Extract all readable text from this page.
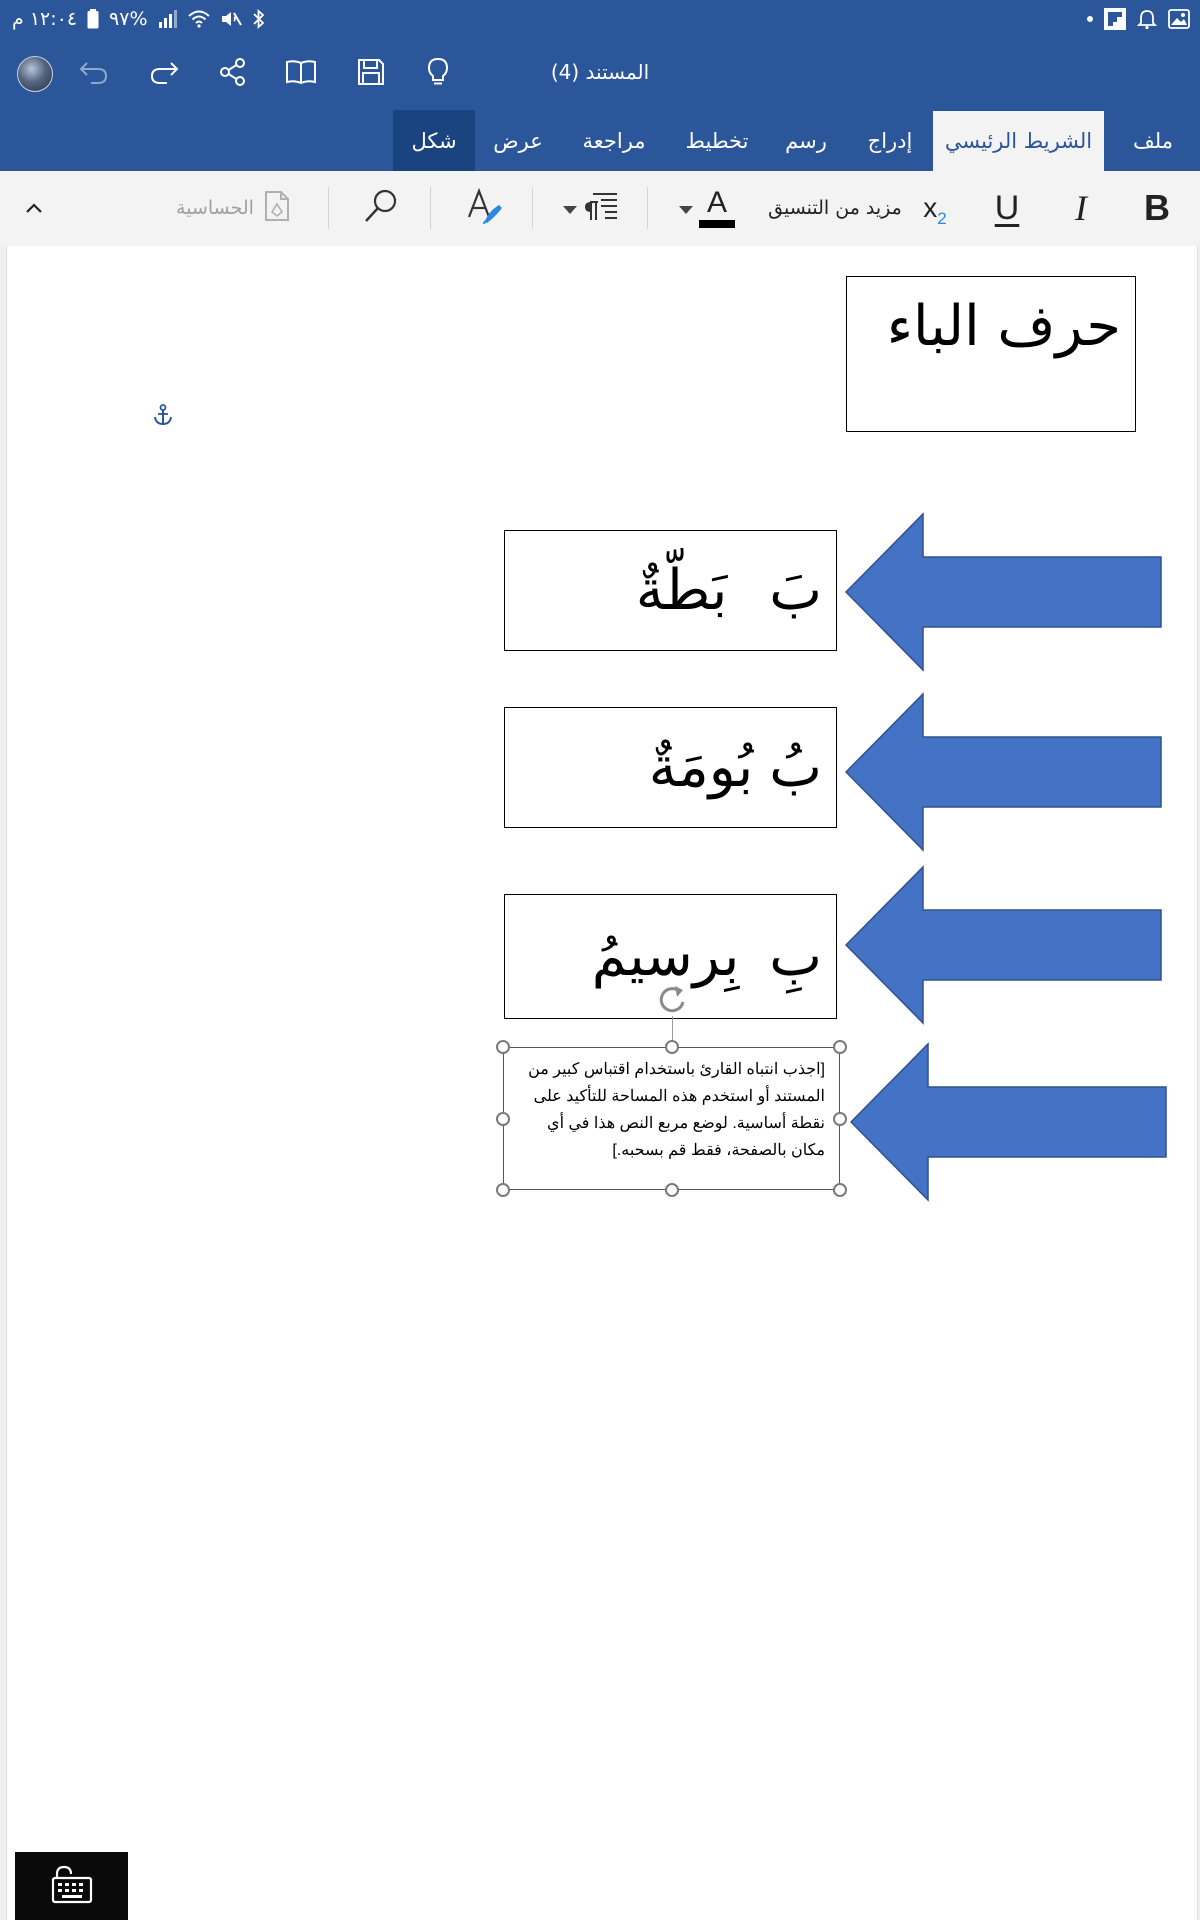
١٢:٠٤ م %٩٧
المستند (4)
ملف
الشريط الرئيسي
إدراج
رسم
تخطيط
مراجعة
عرض
شكل
B
I
U
x 2
مزيد من التنسيق
A
الحساسية
حرف الباء
بَ
بَطّةٌ
بُ
بُومَةٌ
بِ
بِرسيمُ
[اجذب انتباه القارئ باستخدام اقتباس كبير من المستند أو استخدم هذه المساحة للتأكيد على نقطة أساسية. لوضع مربع النص هذا في أي مكان بالصفحة، فقط قم بسحبه.]
